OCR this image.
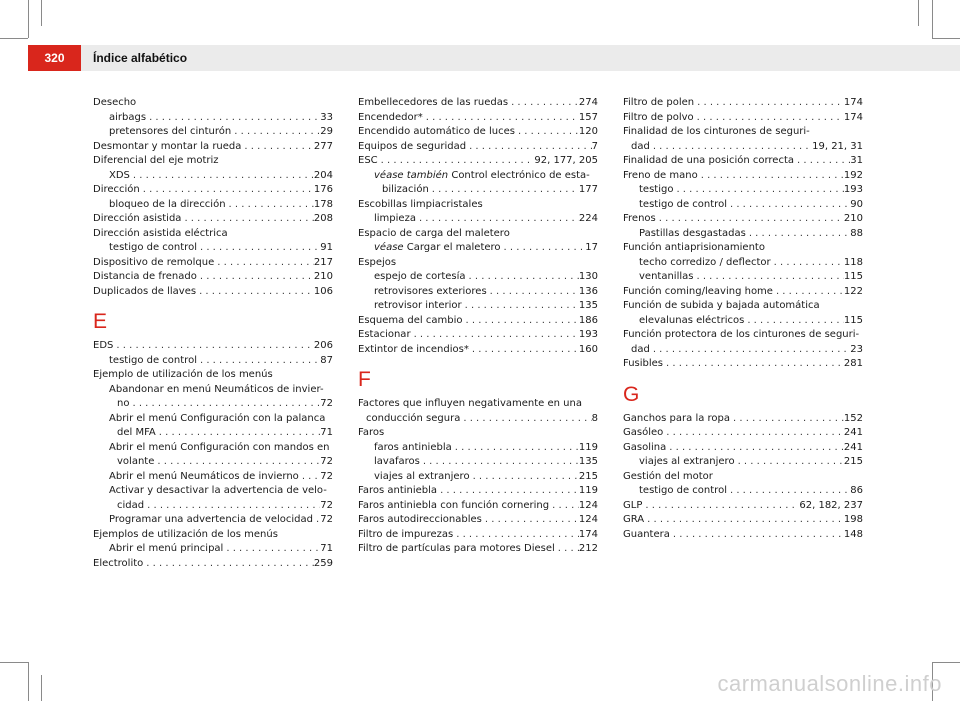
320	Índice alfabético
Desecho
airbags . . .	33
pretensores del cinturón . . .	29
Desmontar y montar la rueda . . .	277
Diferencial del eje motriz
XDS . . .	204
Dirección . . .	176
bloqueo de la dirección . . .	178
Dirección asistida . . .	208
Dirección asistida eléctrica
testigo de control . . .	91
Dispositivo de remolque . . .	217
Distancia de frenado . . .	210
Duplicados de llaves . . .	106
E
EDS . . .	206
testigo de control . . .	87
Ejemplo de utilización de los menús
Abandonar en menú Neumáticos de invier-
no . . .	72
Abrir el menú Configuración con la palanca
del MFA . . .	71
Abrir el menú Configuración con mandos en
volante . . .	72
Abrir el menú Neumáticos de invierno . . . 72
Activar y desactivar la advertencia de velo-
cidad . . .	72
Programar una advertencia de velocidad . . . 72
Ejemplos de utilización de los menús
Abrir el menú principal . . .	71
Electrolito . . .	259
Embellecedores de las ruedas . . .	274
Encendedor* . . .	157
Encendido automático de luces . . .	120
Equipos de seguridad . . .	7
ESC . . .	92, 177, 205
véase también Control electrónico de esta-
bilización . . .	177
Escobillas limpiacristales
limpieza . . .	224
Espacio de carga del maletero
véase Cargar el maletero . . .	17
Espejos
espejo de cortesía . . .	130
retrovisores exteriores . . .	136
retrovisor interior . . .	135
Esquema del cambio . . .	186
Estacionar . . .	193
Extintor de incendios* . . .	160
F
Factores que influyen negativamente en una
conducción segura . . .	8
Faros
faros antiniebla . . .	119
lavafaros . . .	135
viajes al extranjero . . .	215
Faros antiniebla . . .	119
Faros antiniebla con función cornering . . .	124
Faros autodireccionables . . .	124
Filtro de impurezas . . .	174
Filtro de partículas para motores Diesel . . . 212
Filtro de polen . . .	174
Filtro de polvo . . .	174
Finalidad de los cinturones de seguri-
dad . . .	19, 21, 31
Finalidad de una posición correcta . . .	31
Freno de mano . . .	192
testigo . . .	193
testigo de control . . .	90
Frenos . . .	210
Pastillas desgastadas . . .	88
Función antiaprisionamiento
techo corredizo / deflector . . .	118
ventanillas . . .	115
Función coming/leaving home . . .	122
Función de subida y bajada automática
elevalunas eléctricos . . .	115
Función protectora de los cinturones de seguri-
dad . . .	23
Fusibles . . .	281
G
Ganchos para la ropa . . .	152
Gasóleo . . .	241
Gasolina . . .	241
viajes al extranjero . . .	215
Gestión del motor
testigo de control . . .	86
GLP . . .	62, 182, 237
GRA . . .	198
Guantera . . .	148
carmanualsonline.info
